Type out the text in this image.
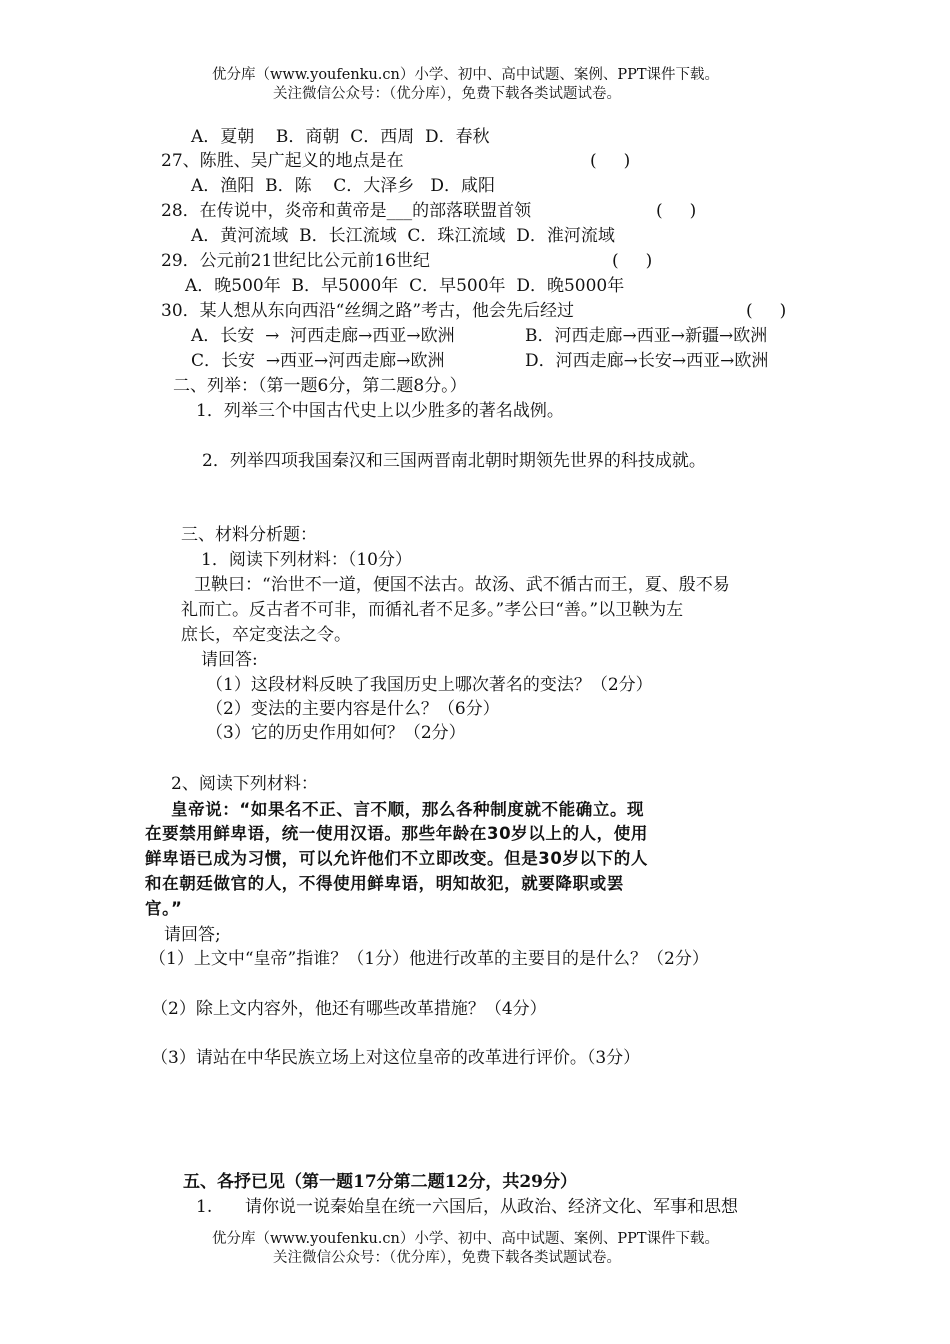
优分库（www.youfenku.cn）小学、初中、高中试题、案例、PPT课件下载。
关注微信公众号：（优分库），免费下载各类试题试卷。
A．夏朝    B．商朝  C．西周  D．春秋
27、陈胜、吴广起义的地点是在	(     )
A．渔阳  B．陈    C．大泽乡   D．咸阳
28．在传说中，炎帝和黄帝是___的部落联盟首领	(     )
A．黄河流域  B．长江流域  C．珠江流域  D．淮河流域
29．公元前21世纪比公元前16世纪	(     )
A．晚500年  B．早5000年  C．早500年  D．晚5000年
30．某人想从东向西沿“丝绸之路”考古，他会先后经过	(     )
A．长安  →  河西走廊→西亚→欧洲	B．河西走廊→西亚→新疆→欧洲
C．长安  →西亚→河西走廊→欧洲	D．河西走廊→长安→西亚→欧洲
二、列举：（第一题6分，第二题8分。）
1．列举三个中国古代史上以少胜多的著名战例。
2．列举四项我国秦汉和三国两晋南北朝时期领先世界的科技成就。
三、材料分析题：
1．阅读下列材料：（10分）
卫鞅曰：“治世不一道，便国不法古。故汤、武不循古而王，夏、殷不易
礼而亡。反古者不可非，而循礼者不足多。”孝公曰“善。”以卫鞅为左
庶长，卒定变法之令。
请回答:
（1）这段材料反映了我国历史上哪次著名的变法？（2分）
（2）变法的主要内容是什么？（6分）
（3）它的历史作用如何？（2分）
2、阅读下列材料：
皇帝说：“如果名不正、言不顺，那么各种制度就不能确立。现
在要禁用鲜卑语，统一使用汉语。那些年龄在30岁以上的人，使用
鲜卑语已成为习惯，可以允许他们不立即改变。但是30岁以下的人
和在朝廷做官的人，不得使用鲜卑语，明知故犯，就要降职或罢
官。”
请回答;
（1）上文中“皇帝”指谁？（1分）他进行改革的主要目的是什么？（2分）
（2）除上文内容外，他还有哪些改革措施？（4分）
（3）请站在中华民族立场上对这位皇帝的改革进行评价。（3分）
五、各抒已见（第一题17分第二题12分，共29分）
1. 请你说一说秦始皇在统一六国后，从政治、经济文化、军事和思想
优分库（www.youfenku.cn）小学、初中、高中试题、案例、PPT课件下载。
关注微信公众号：（优分库），免费下载各类试题试卷。
